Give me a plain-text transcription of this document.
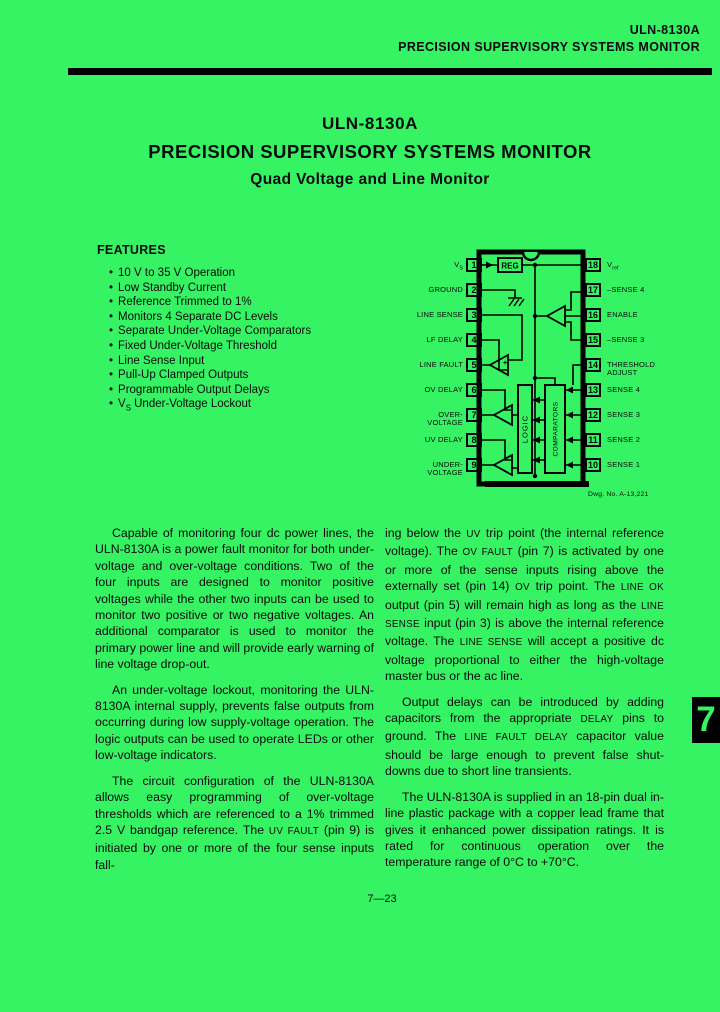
ULN-8130A
PRECISION SUPERVISORY SYSTEMS MONITOR
ULN-8130A
PRECISION SUPERVISORY SYSTEMS MONITOR
Quad Voltage and Line Monitor
FEATURES
• 10 V to 35 V Operation
• Low Standby Current
• Reference Trimmed to 1%
• Monitors 4 Separate DC Levels
• Separate Under-Voltage Comparators
• Fixed Under-Voltage Threshold
• Line Sense Input
• Pull-Up Clamped Outputs
• Programmable Output Delays
• $V_S$ Under-Voltage Lockout
REG
+
LOGIC	COMPARATORS
1
$V_S$
2
GROUND
3
LINE SENSE
4
LF DELAY
5
LINE FAULT
6
OV DELAY
7
OVER-VOLTAGE
8
UV DELAY
9
UNDER-VOLTAGE
18	$V_{ref}$
17	–SENSE 4
16	ENABLE
15	–SENSE 3
14	THRESHOLD ADJUST
13	SENSE 4
12	SENSE 3
11	SENSE 2
10	SENSE 1
Dwg. No. A-13,221

Capable of monitoring four dc power lines, the ULN-8130A is a power fault monitor for both under-voltage and over-voltage conditions. Two of the four inputs are designed to monitor positive voltages while the other two inputs can be used to monitor two positive or two negative voltages. An additional comparator is used to monitor the primary power line and will provide early warning of line voltage drop-out.

An under-voltage lockout, monitoring the ULN-8130A internal supply, prevents false outputs from occurring during low supply-voltage operation. The logic outputs can be used to operate LEDs or other low-voltage indicators.

The circuit configuration of the ULN-8130A allows easy programming of over-voltage thresholds which are referenced to a 1% trimmed 2.5 V bandgap reference. The UV FAULT (pin 9) is initiated by one or more of the four sense inputs fall-

ing below the UV trip point (the internal reference voltage). The OV FAULT (pin 7) is activated by one or more of the sense inputs rising above the externally set (pin 14) OV trip point. The LINE OK output (pin 5) will remain high as long as the LINE SENSE input (pin 3) is above the internal reference voltage. The LINE SENSE will accept a positive dc voltage proportional to either the high-voltage master bus or the ac line.

Output delays can be introduced by adding capacitors from the appropriate DELAY pins to ground. The LINE FAULT DELAY capacitor value should be large enough to prevent false shut-downs due to short line transients.

The ULN-8130A is supplied in an 18-pin dual in-line plastic package with a copper lead frame that gives it enhanced power dissipation ratings. It is rated for continuous operation over the temperature range of 0°C to +70°C.

7—23
7
